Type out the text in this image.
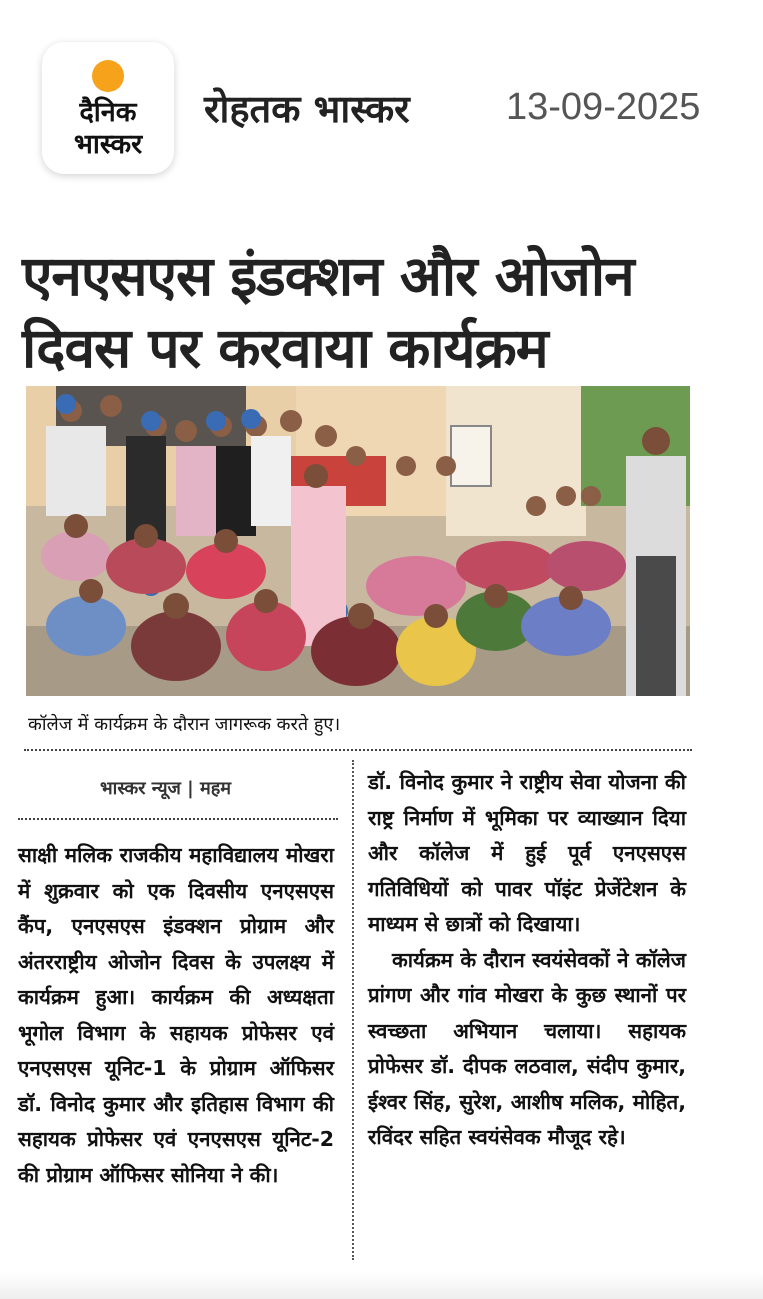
दैनिक
भास्कर
रोहतक भास्कर	13-09-2025
एनएसएस इंडक्शन और ओजोन
दिवस पर करवाया कार्यक्रम
कॉलेज में कार्यक्रम के दौरान जागरूक करते हुए।
भास्कर न्यूज | महम

साक्षी मलिक राजकीय महाविद्यालय मोखरा में शुक्रवार को एक दिवसीय एनएसएस कैंप, एनएसएस इंडक्शन प्रोग्राम और अंतरराष्ट्रीय ओजोन दिवस के उपलक्ष्य में कार्यक्रम हुआ। कार्यक्रम की अध्यक्षता भूगोल विभाग के सहायक प्रोफेसर एवं एनएसएस यूनिट-1 के प्रोग्राम ऑफिसर डॉ. विनोद कुमार और इतिहास विभाग की सहायक प्रोफेसर एवं एनएसएस यूनिट-2 की प्रोग्राम ऑफिसर सोनिया ने की।

डॉ. विनोद कुमार ने राष्ट्रीय सेवा योजना की राष्ट्र निर्माण में भूमिका पर व्याख्यान दिया और कॉलेज में हुई पूर्व एनएसएस गतिविधियों को पावर पॉइंट प्रेजेंटेशन के माध्यम से छात्रों को दिखाया।

कार्यक्रम के दौरान स्वयंसेवकों ने कॉलेज प्रांगण और गांव मोखरा के कुछ स्थानों पर स्वच्छता अभियान चलाया। सहायक प्रोफेसर डॉ. दीपक लठवाल, संदीप कुमार, ईश्वर सिंह, सुरेश, आशीष मलिक, मोहित, रविंदर सहित स्वयंसेवक मौजूद रहे।
